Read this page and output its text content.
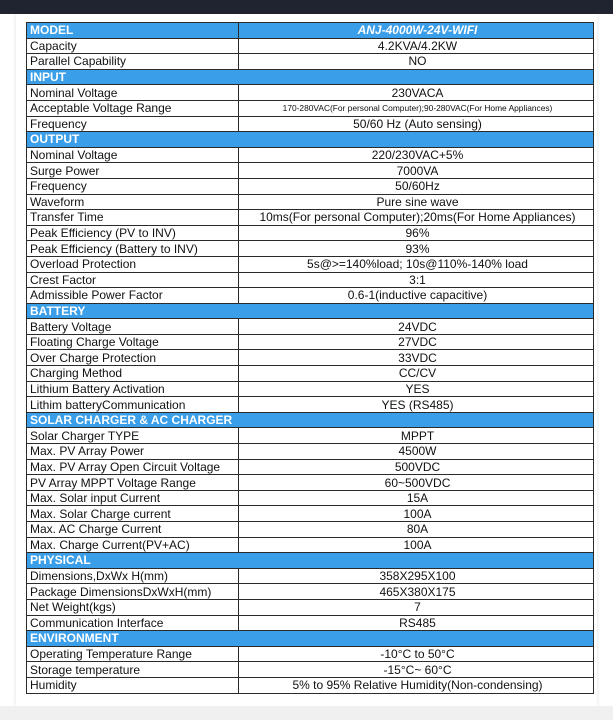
MODEL	ANJ-4000W-24V-WIFI
Capacity	4.2KVA/4.2KW
Parallel Capability	NO
INPUT	
Nominal Voltage	230VACA
Acceptable Voltage Range	170-280VAC(For personal Computer);90-280VAC(For Home Appliances)
Frequency	50/60 Hz (Auto sensing)
OUTPUT	
Nominal Voltage	220/230VAC+5%
Surge Power	7000VA
Frequency	50/60Hz
Waveform	Pure sine wave
Transfer Time	10ms(For personal Computer);20ms(For Home Appliances)
Peak Efficiency (PV to INV)	96%
Peak Efficiency (Battery to INV)	93%
Overload Protection	5s@>=140%load; 10s@110%-140% load
Crest Factor	3:1
Admissible Power Factor	0.6-1(inductive capacitive)
BATTERY	
Battery Voltage	24VDC
Floating Charge Voltage	27VDC
Over Charge Protection	33VDC
Charging Method	CC/CV
Lithium Battery Activation	YES
Lithim batteryCommunication	YES (RS485)
SOLAR CHARGER & AC CHARGER	
Solar Charger TYPE	MPPT
Max. PV Array Power	4500W
Max. PV Array Open Circuit Voltage	500VDC
PV Array MPPT Voltage Range	60~500VDC
Max. Solar input Current	15A
Max. Solar Charge current	100A
Max. AC Charge Current	80A
Max. Charge Current(PV+AC)	100A
PHYSICAL	
Dimensions,DxWx H(mm)	358X295X100
Package DimensionsDxWxH(mm)	465X380X175
Net Weight(kgs)	7
Communication Interface	RS485
ENVIRONMENT	
Operating Temperature Range	-10°C to 50°C
Storage temperature	-15°C~ 60°C
Humidity	5% to 95% Relative Humidity(Non-condensing)
